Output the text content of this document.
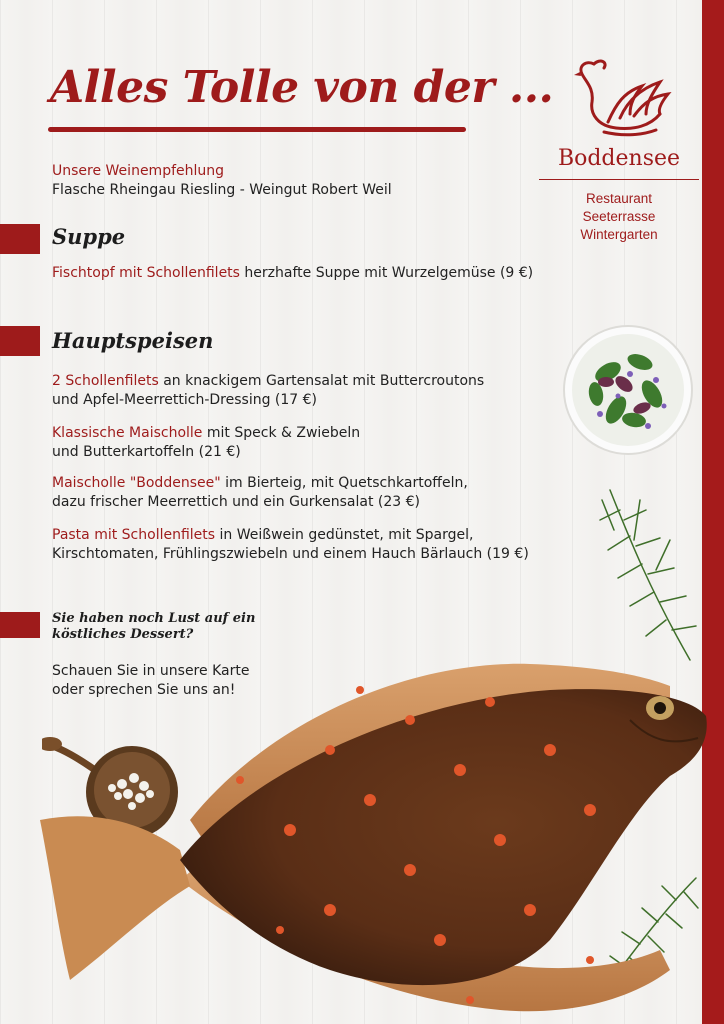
Alles Tolle von der ...
Boddensee
Restaurant
Seeterrasse
Wintergarten
Unsere Weinempfehlung
Flasche Rheingau Riesling - Weingut Robert Weil
Suppe
Fischtopf mit Schollenfilets herzhafte Suppe mit Wurzelgemüse (9 €)
Hauptspeisen
2 Schollenfilets an knackigem Gartensalat mit Buttercroutons
und Apfel-Meerrettich-Dressing (17 €)
Klassische Maischolle mit Speck & Zwiebeln
und Butterkartoffeln (21 €)
Maischolle "Boddensee" im Bierteig, mit Quetschkartoffeln,
dazu frischer Meerrettich und ein Gurkensalat (23 €)
Pasta mit Schollenfilets in Weißwein gedünstet, mit Spargel,
Kirschtomaten, Frühlingszwiebeln und einem Hauch Bärlauch (19 €)
Sie haben noch Lust auf ein
köstliches Dessert?
Schauen Sie in unsere Karte
oder sprechen Sie uns an!
